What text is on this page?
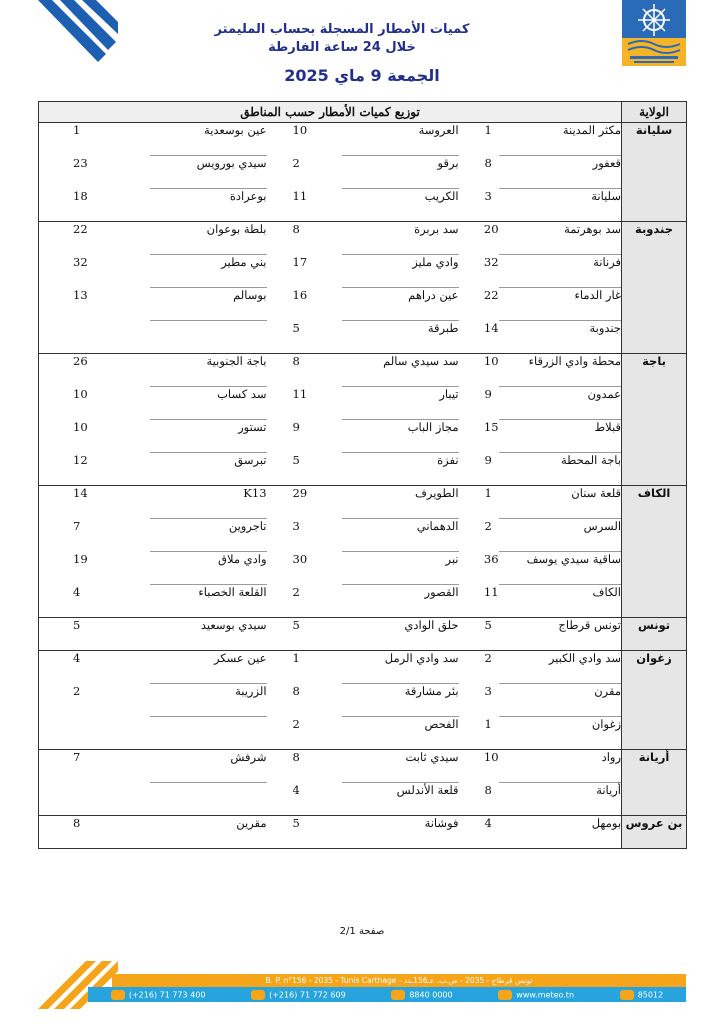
كميات الأمطار المسجلة بحساب المليمتر
خلال 24 ساعة الفارطة
الجمعة 9 ماي 2025
الولاية	توزيع كميات الأمطار حسب المناطق					
سليانة	مكثر المدينة	1	العروسة	10	عين بوسعدية	1
	قعفور	8	برقو	2	سيدي بورويس	23
	سليانة	3	الكريب	11	بوعرادة	18
جندوبة	سد بوهرتمة	20	سد بربرة	8	بلطة بوعوان	22
	فرنانة	32	وادي مليز	17	بني مطير	32
	غار الدماء	22	عين دراهم	16	بوسالم	13
	جندوبة	14	طبرقة	5		
باجة	محطة وادي الزرقاء	10	سد سيدي سالم	8	باجة الجنوبية	26
	عمدون	9	تيبار	11	سد كساب	10
	قبلاط	15	مجاز الباب	9	تستور	10
	باجة المحطة	9	نفزة	5	تبرسق	12
الكاف	قلعة سنان	1	الطويرف	29	K13	14
	السرس	2	الدهماني	3	تاجروين	7
	ساقية سيدي يوسف	36	نبر	30	وادي ملاق	19
	الكاف	11	القصور	2	القلعة الخصباء	4
تونس	تونس قرطاج	5	حلق الوادي	5	سيدي بوسعيد	5
زغوان	سد وادي الكبير	2	سد وادي الرمل	1	عين عسكر	4
	مقرن	3	بئر مشارقة	8	الزريبة	2
	زغوان	1	الفحص	2		
أريانة	رواد	10	سيدي ثابت	8	شرفش	7
	أريانة	8	قلعة الأندلس	4		
بن عروس	بومهل	4	فوشانة	5	مقرين	8
صفحة 2/1
B. P. n°156 - 2035 - Tunis Carthage - تونس قرطاج - 2035 - ص.ب. عـ156ـدد
(+216) 71 773 400	(+216) 71 772 609	8840 0000	www.meteo.tn	85012
